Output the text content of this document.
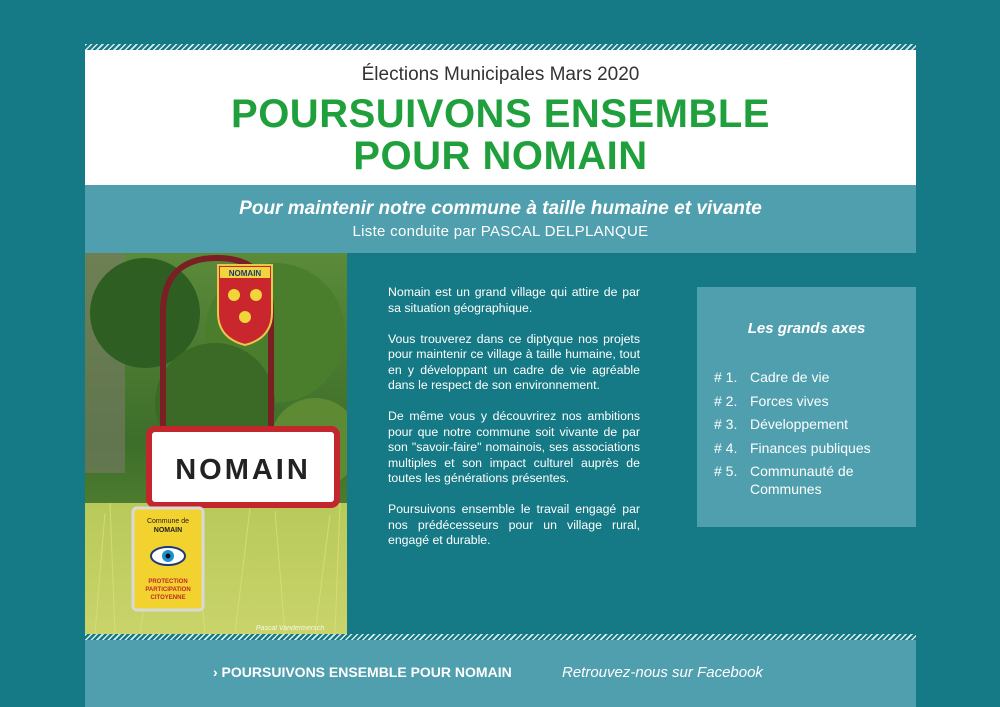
Élections Municipales Mars 2020
POURSUIVONS ENSEMBLE
POUR NOMAIN
Pour maintenir notre commune à taille humaine et vivante
Liste conduite par PASCAL DELPLANQUE
NOMAIN
NOMAIN
Commune de
NOMAIN
PROTECTION
PARTICIPATION
CITOYENNE
Pascal Vandermersch

Nomain est un grand village qui attire de par sa situation géographique.

Vous trouverez dans ce diptyque nos projets pour maintenir ce village à taille humaine, tout en y développant un cadre de vie agréable dans le respect de son environnement.

De même vous y découvrirez nos ambitions pour que notre commune soit vivante de par son "savoir-faire" nomainois, ses associations multiples et son impact culturel auprès de toutes les générations présentes.

Poursuivons ensemble le travail engagé par nos prédécesseurs pour un village rural, engagé et durable.

Les grands axes
# 1. Cadre de vie
# 2. Forces vives
# 3. Développement
# 4. Finances publiques
# 5. Communauté de Communes
› POURSUIVONS ENSEMBLE POUR NOMAIN	Retrouvez-nous sur Facebook
